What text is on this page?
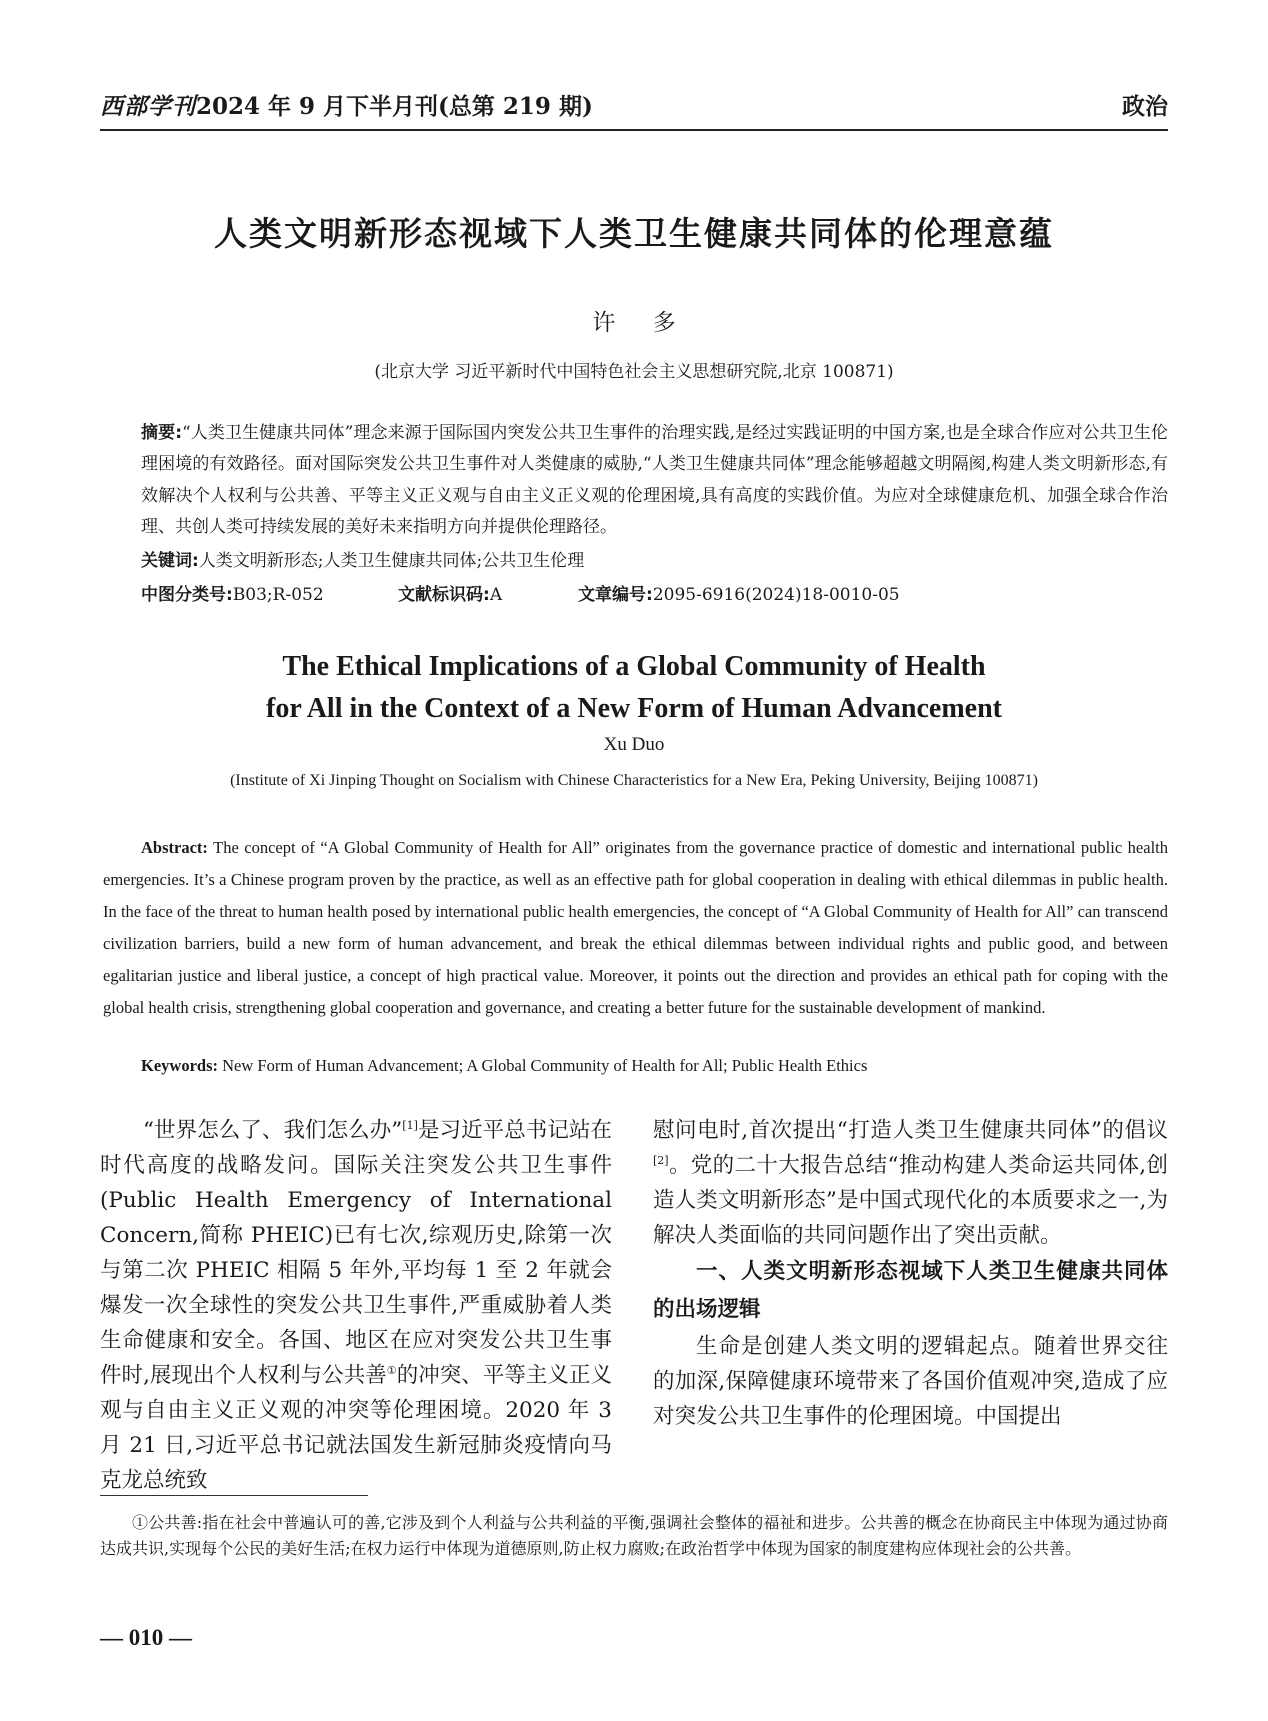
西部学刊 2024 年 9 月下半月刊(总第 219 期)	政治
人类文明新形态视域下人类卫生健康共同体的伦理意蕴
许 多
(北京大学 习近平新时代中国特色社会主义思想研究院,北京 100871)
摘要:“人类卫生健康共同体”理念来源于国际国内突发公共卫生事件的治理实践,是经过实践证明的中国方案,也是全球合作应对公共卫生伦理困境的有效路径。面对国际突发公共卫生事件对人类健康的威胁,“人类卫生健康共同体”理念能够超越文明隔阂,构建人类文明新形态,有效解决个人权利与公共善、平等主义正义观与自由主义正义观的伦理困境,具有高度的实践价值。为应对全球健康危机、加强全球合作治理、共创人类可持续发展的美好未来指明方向并提供伦理路径。
关键词:人类文明新形态;人类卫生健康共同体;公共卫生伦理
中图分类号:B03;R-052	文献标识码:A	文章编号:2095-6916(2024)18-0010-05
The Ethical Implications of a Global Community of Health
for All in the Context of a New Form of Human Advancement
Xu Duo
(Institute of Xi Jinping Thought on Socialism with Chinese Characteristics for a New Era, Peking University, Beijing 100871)
Abstract: The concept of “A Global Community of Health for All” originates from the governance practice of domestic and international public health emergencies. It’s a Chinese program proven by the practice, as well as an effective path for global cooperation in dealing with ethical dilemmas in public health. In the face of the threat to human health posed by international public health emergencies, the concept of “A Global Community of Health for All” can transcend civilization barriers, build a new form of human advancement, and break the ethical dilemmas between individual rights and public good, and between egalitarian justice and liberal justice, a concept of high practical value. Moreover, it points out the direction and provides an ethical path for coping with the global health crisis, strengthening global cooperation and governance, and creating a better future for the sustainable development of mankind.
Keywords: New Form of Human Advancement; A Global Community of Health for All; Public Health Ethics

“世界怎么了、我们怎么办”[1]是习近平总书记站在时代高度的战略发问。国际关注突发公共卫生事件(Public Health Emergency of International Concern,简称 PHEIC)已有七次,综观历史,除第一次与第二次 PHEIC 相隔 5 年外,平均每 1 至 2 年就会爆发一次全球性的突发公共卫生事件,严重威胁着人类生命健康和安全。各国、地区在应对突发公共卫生事件时,展现出个人权利与公共善①的冲突、平等主义正义观与自由主义正义观的冲突等伦理困境。2020 年 3 月 21 日,习近平总书记就法国发生新冠肺炎疫情向马克龙总统致

慰问电时,首次提出“打造人类卫生健康共同体”的倡议[2]。党的二十大报告总结“推动构建人类命运共同体,创造人类文明新形态”是中国式现代化的本质要求之一,为解决人类面临的共同问题作出了突出贡献。

一、人类文明新形态视域下人类卫生健康共同体的出场逻辑

生命是创建人类文明的逻辑起点。随着世界交往的加深,保障健康环境带来了各国价值观冲突,造成了应对突发公共卫生事件的伦理困境。中国提出

①公共善:指在社会中普遍认可的善,它涉及到个人利益与公共利益的平衡,强调社会整体的福祉和进步。公共善的概念在协商民主中体现为通过协商达成共识,实现每个公民的美好生活;在权力运行中体现为道德原则,防止权力腐败;在政治哲学中体现为国家的制度建构应体现社会的公共善。
— 010 —
